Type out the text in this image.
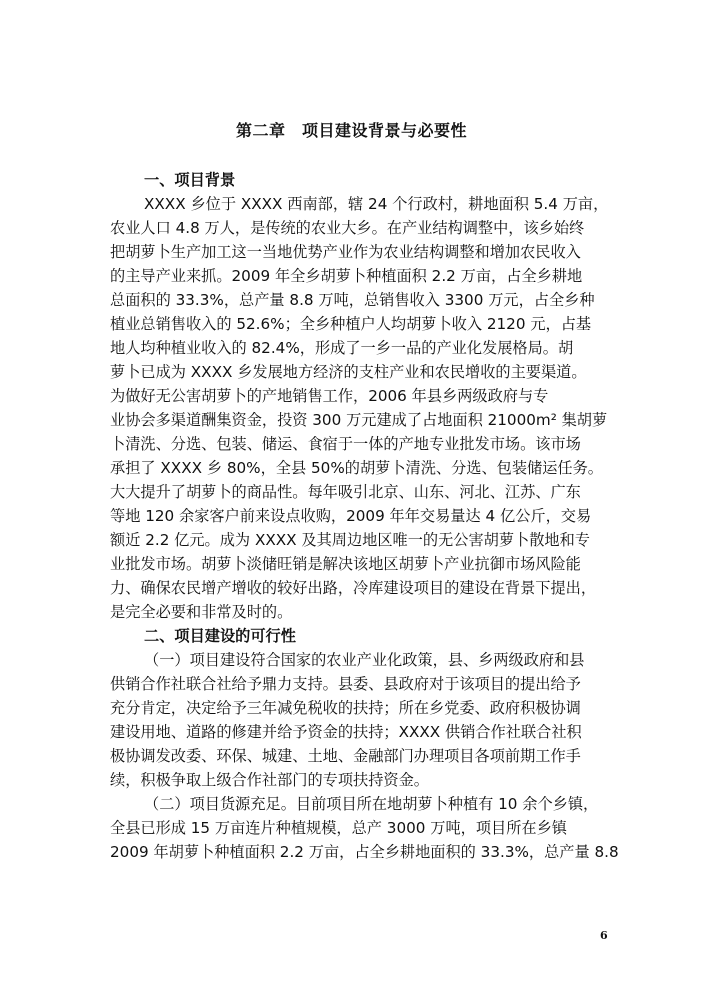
第二章　项目建设背景与必要性
一、项目背景
XXXX 乡位于 XXXX 西南部，辖 24 个行政村，耕地面积 5.4 万亩，
农业人口 4.8 万人，是传统的农业大乡。在产业结构调整中，该乡始终
把胡萝卜生产加工这一当地优势产业作为农业结构调整和增加农民收入
的主导产业来抓。2009 年全乡胡萝卜种植面积 2.2 万亩，占全乡耕地
总面积的 33.3%，总产量 8.8 万吨，总销售收入 3300 万元，占全乡种
植业总销售收入的 52.6%；全乡种植户人均胡萝卜收入 2120 元，占基
地人均种植业收入的 82.4%，形成了一乡一品的产业化发展格局。胡
萝卜已成为 XXXX 乡发展地方经济的支柱产业和农民增收的主要渠道。
为做好无公害胡萝卜的产地销售工作，2006 年县乡两级政府与专
业协会多渠道酬集资金，投资 300 万元建成了占地面积 21000m² 集胡萝
卜清洗、分选、包装、储运、食宿于一体的产地专业批发市场。该市场
承担了 XXXX 乡 80%，全县 50%的胡萝卜清洗、分选、包装储运任务。
大大提升了胡萝卜的商品性。每年吸引北京、山东、河北、江苏、广东
等地 120 余家客户前来设点收购，2009 年年交易量达 4 亿公斤，交易
额近 2.2 亿元。成为 XXXX 及其周边地区唯一的无公害胡萝卜散地和专
业批发市场。胡萝卜淡储旺销是解决该地区胡萝卜产业抗御市场风险能
力、确保农民增产增收的较好出路，冷库建设项目的建设在背景下提出，
是完全必要和非常及时的。
二、项目建设的可行性
（一）项目建设符合国家的农业产业化政策，县、乡两级政府和县
供销合作社联合社给予鼎力支持。县委、县政府对于该项目的提出给予
充分肯定，决定给予三年减免税收的扶持；所在乡党委、政府积极协调
建设用地、道路的修建并给予资金的扶持；XXXX 供销合作社联合社积
极协调发改委、环保、城建、土地、金融部门办理项目各项前期工作手
续，积极争取上级合作社部门的专项扶持资金。
（二）项目货源充足。目前项目所在地胡萝卜种植有 10 余个乡镇，
全县已形成 15 万亩连片种植规模，总产 3000 万吨，项目所在乡镇
2009 年胡萝卜种植面积 2.2 万亩，占全乡耕地面积的 33.3%，总产量 8.8
6
